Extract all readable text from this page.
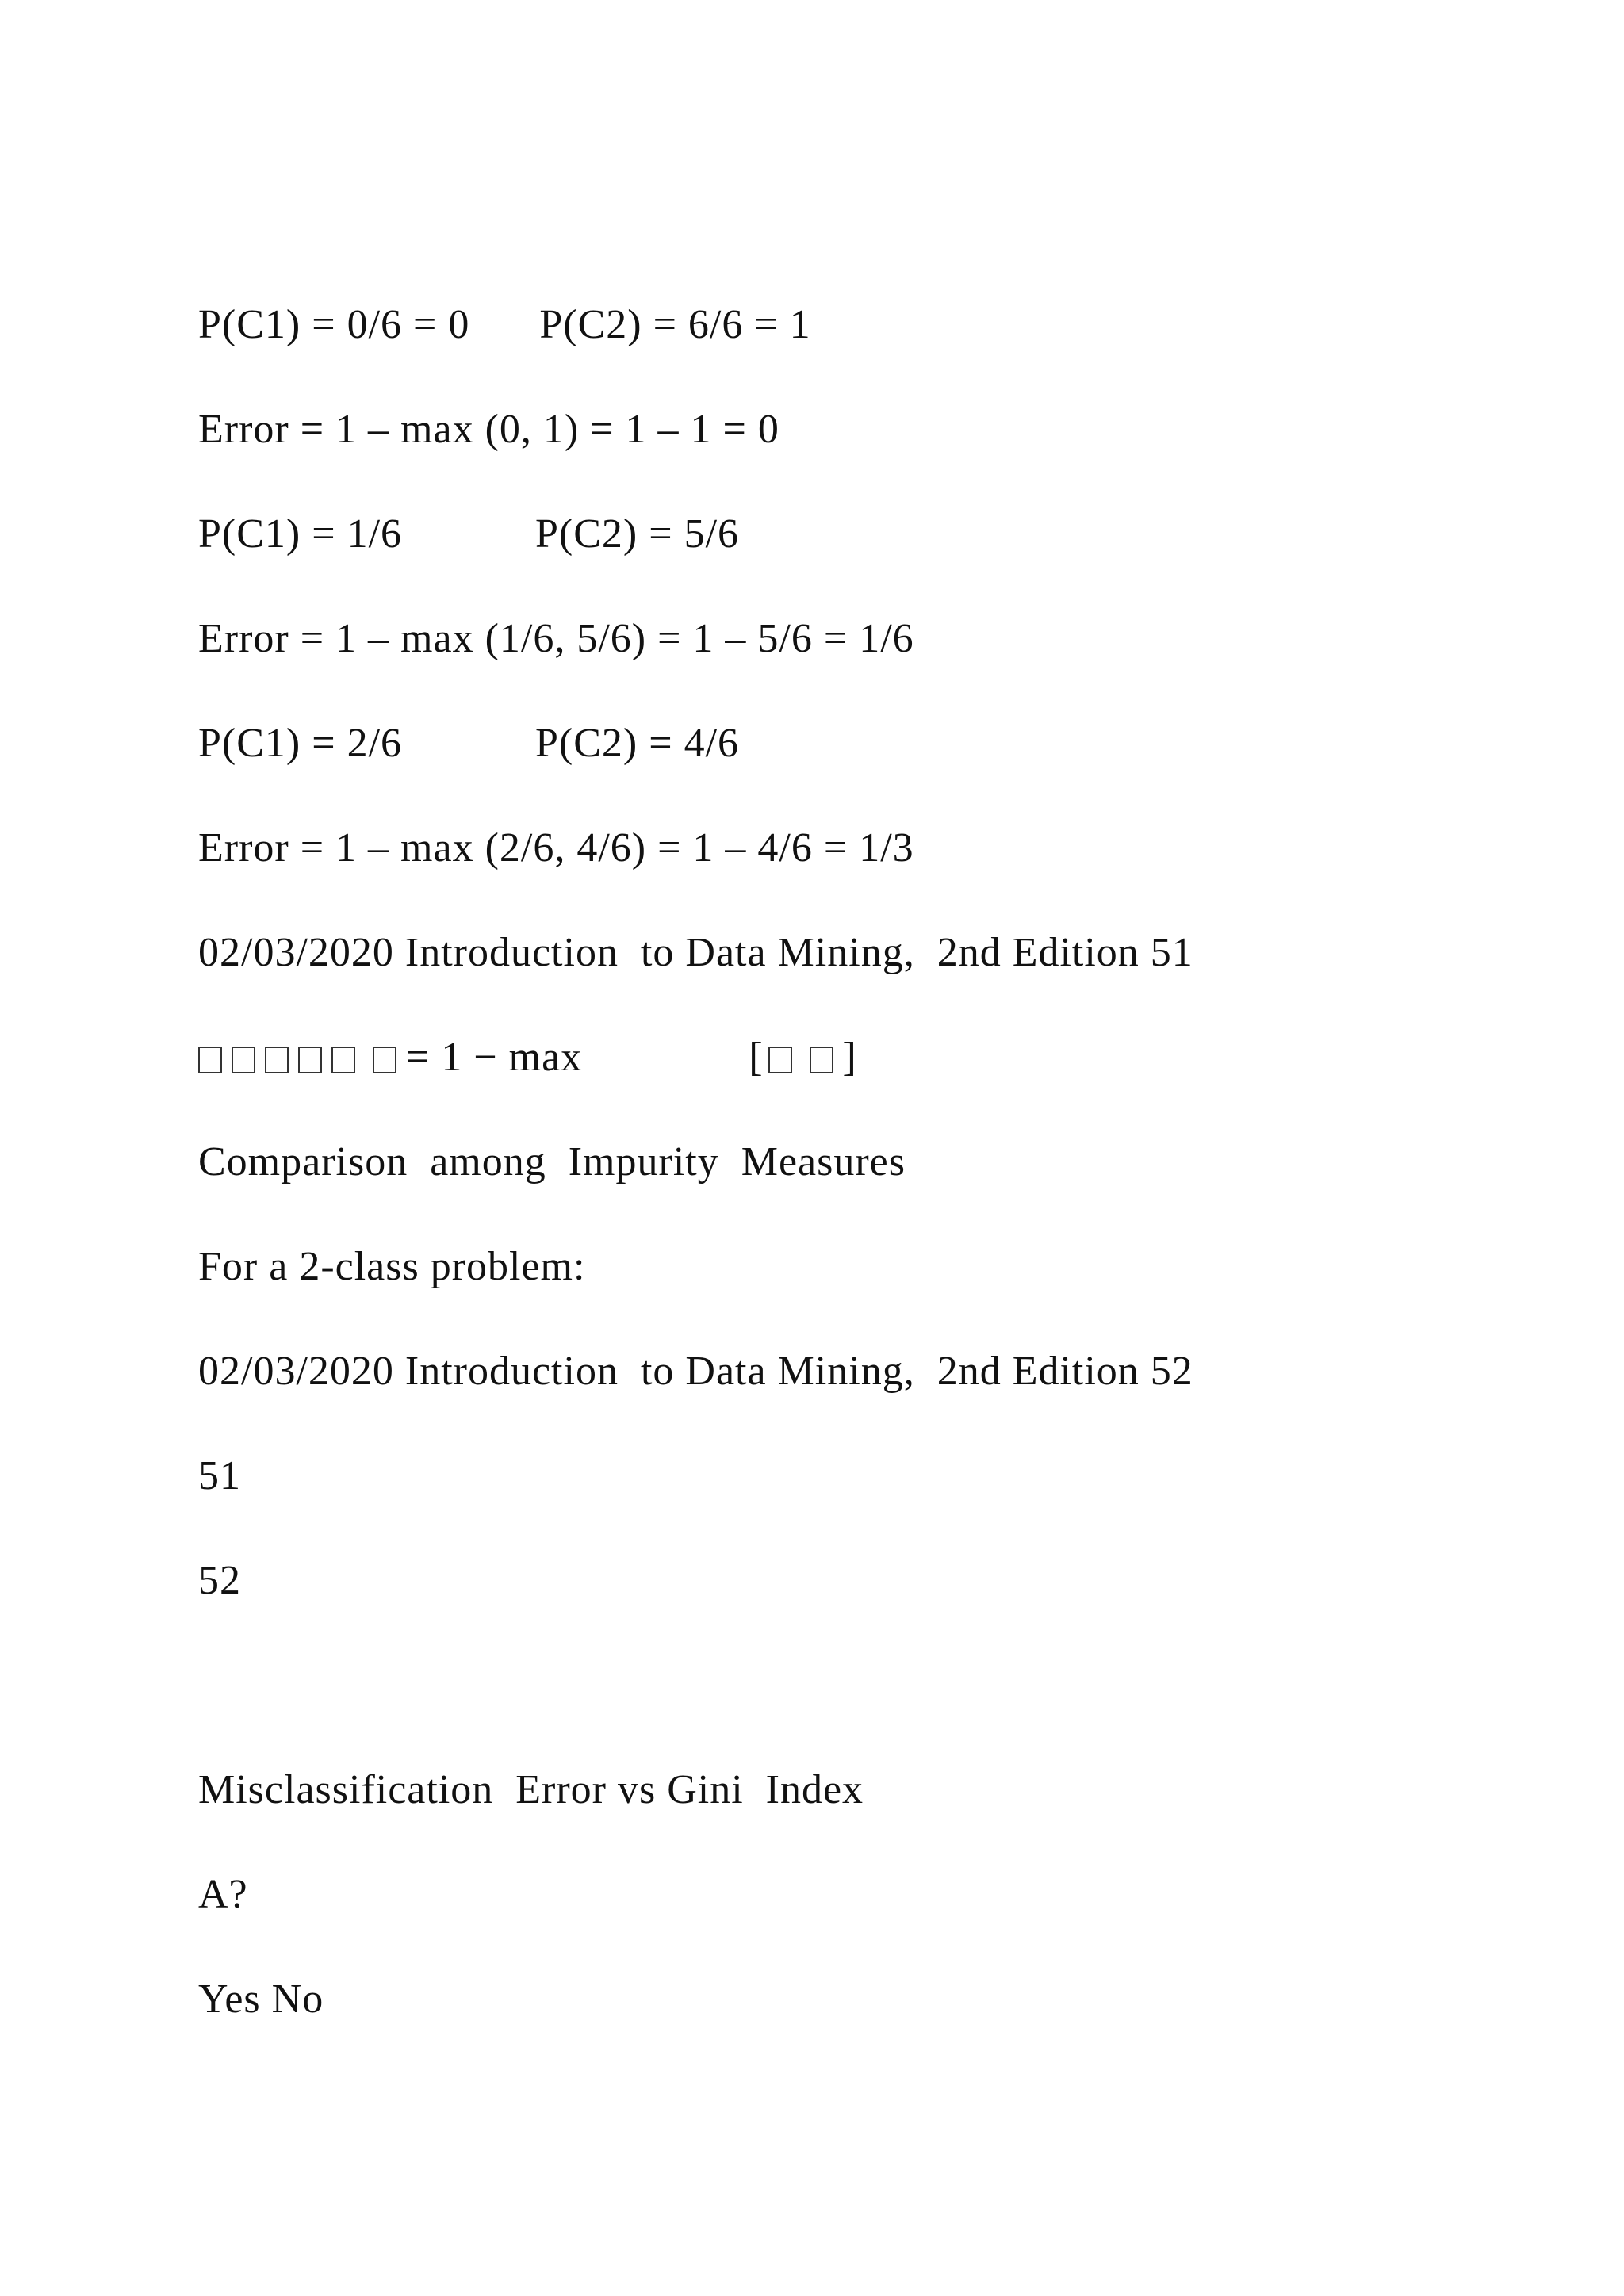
P(C1) = 0/6 = 0 P(C2) = 6/6 = 1

Error = 1 – max (0, 1) = 1 – 1 = 0

P(C1) = 1/6	P(C2) = 5/6

Error = 1 – max (1/6, 5/6) = 1 – 5/6 = 1/6

P(C1) = 2/6	P(C2) = 4/6

Error = 1 – max (2/6, 4/6) = 1 – 4/6 = 1/3

02/03/2020 Introduction  to Data Mining,  2nd Edition 51

= 1 − max	[ ]

Comparison  among  Impurity  Measures

For a 2-class problem:

02/03/2020 Introduction  to Data Mining,  2nd Edition 52

51

52

Misclassification  Error vs Gini  Index

A?

Yes No
